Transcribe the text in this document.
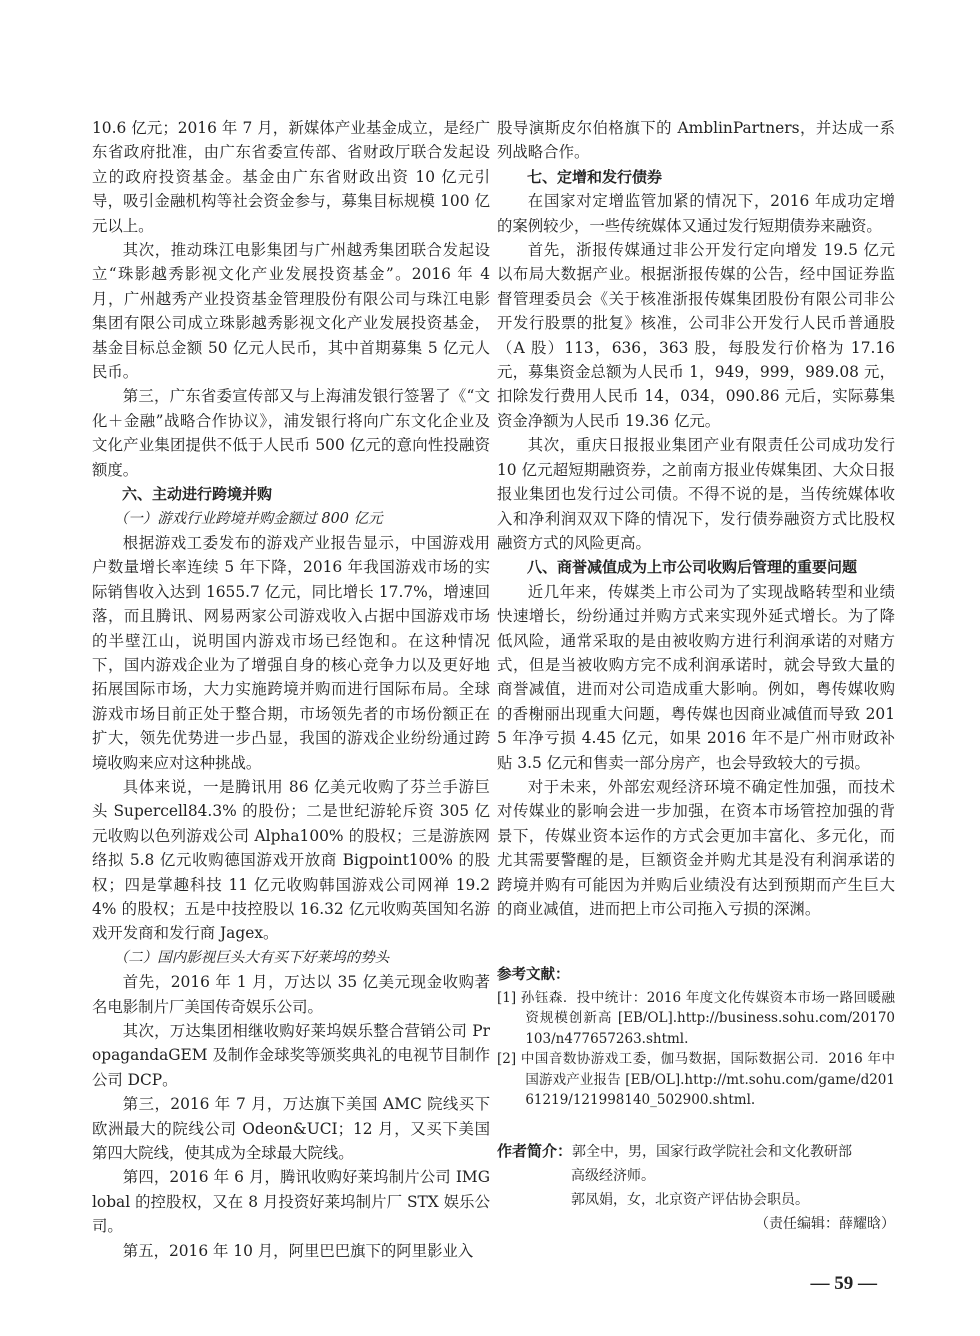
10.6 亿元；2016 年 7 月，新媒体产业基金成立，是经广东省政府批准，由广东省委宣传部、省财政厅联合发起设立的政府投资基金。基金由广东省财政出资 10 亿元引导，吸引金融机构等社会资金参与，募集目标规模 100 亿元以上。

其次，推动珠江电影集团与广州越秀集团联合发起设立“珠影越秀影视文化产业发展投资基金”。2016 年 4 月，广州越秀产业投资基金管理股份有限公司与珠江电影集团有限公司成立珠影越秀影视文化产业发展投资基金，基金目标总金额 50 亿元人民币，其中首期募集 5 亿元人民币。

第三，广东省委宣传部又与上海浦发银行签署了《“文化＋金融”战略合作协议》，浦发银行将向广东文化企业及文化产业集团提供不低于人民币 500 亿元的意向性投融资额度。

六、主动进行跨境并购
（一）游戏行业跨境并购金额过 800 亿元

根据游戏工委发布的游戏产业报告显示，中国游戏用户数量增长率连续 5 年下降，2016 年我国游戏市场的实际销售收入达到 1655.7 亿元，同比增长 17.7%，增速回落，而且腾讯、网易两家公司游戏收入占据中国游戏市场的半壁江山，说明国内游戏市场已经饱和。在这种情况下，国内游戏企业为了增强自身的核心竞争力以及更好地拓展国际市场，大力实施跨境并购而进行国际布局。全球游戏市场目前正处于整合期，市场领先者的市场份额正在扩大，领先优势进一步凸显，我国的游戏企业纷纷通过跨境收购来应对这种挑战。

具体来说，一是腾讯用 86 亿美元收购了芬兰手游巨头 Supercell84.3% 的股份；二是世纪游轮斥资 305 亿元收购以色列游戏公司 Alpha100% 的股权；三是游族网络拟 5.8 亿元收购德国游戏开放商 Bigpoint100% 的股权；四是掌趣科技 11 亿元收购韩国游戏公司网禅 19.24% 的股权；五是中技控股以 16.32 亿元收购英国知名游戏开发商和发行商 Jagex。

（二）国内影视巨头大有买下好莱坞的势头

首先，2016 年 1 月，万达以 35 亿美元现金收购著名电影制片厂美国传奇娱乐公司。

其次，万达集团相继收购好莱坞娱乐整合营销公司 PropagandaGEM 及制作金球奖等颁奖典礼的电视节目制作公司 DCP。

第三，2016 年 7 月，万达旗下美国 AMC 院线买下欧洲最大的院线公司 Odeon&UCI；12 月，又买下美国第四大院线，使其成为全球最大院线。

第四，2016 年 6 月，腾讯收购好莱坞制片公司 IMGlobal 的控股权，又在 8 月投资好莱坞制片厂 STX 娱乐公司。

第五，2016 年 10 月，阿里巴巴旗下的阿里影业入

股导演斯皮尔伯格旗下的 AmblinPartners，并达成一系列战略合作。

七、定增和发行债券

在国家对定增监管加紧的情况下，2016 年成功定增的案例较少，一些传统媒体又通过发行短期债券来融资。

首先，浙报传媒通过非公开发行定向增发 19.5 亿元以布局大数据产业。根据浙报传媒的公告，经中国证券监督管理委员会《关于核准浙报传媒集团股份有限公司非公开发行股票的批复》核准，公司非公开发行人民币普通股（A 股）113，636，363 股，每股发行价格为 17.16 元，募集资金总额为人民币 1，949，999，989.08 元，扣除发行费用人民币 14，034，090.86 元后，实际募集资金净额为人民币 19.36 亿元。

其次，重庆日报报业集团产业有限责任公司成功发行 10 亿元超短期融资券，之前南方报业传媒集团、大众日报报业集团也发行过公司债。不得不说的是，当传统媒体收入和净利润双双下降的情况下，发行债券融资方式比股权融资方式的风险更高。

八、商誉减值成为上市公司收购后管理的重要问题

近几年来，传媒类上市公司为了实现战略转型和业绩快速增长，纷纷通过并购方式来实现外延式增长。为了降低风险，通常采取的是由被收购方进行利润承诺的对赌方式，但是当被收购方完不成利润承诺时，就会导致大量的商誉减值，进而对公司造成重大影响。例如，粤传媒收购的香榭丽出现重大问题，粤传媒也因商业减值而导致 2015 年净亏损 4.45 亿元，如果 2016 年不是广州市财政补贴 3.5 亿元和售卖一部分房产，也会导致较大的亏损。

对于未来，外部宏观经济环境不确定性加强，而技术对传媒业的影响会进一步加强，在资本市场管控加强的背景下，传媒业资本运作的方式会更加丰富化、多元化，而尤其需要警醒的是，巨额资金并购尤其是没有利润承诺的跨境并购有可能因为并购后业绩没有达到预期而产生巨大的商业减值，进而把上市公司拖入亏损的深渊。

参考文献：
[1] 孙钰森．投中统计：2016 年度文化传媒资本市场一路回暖融资规模创新高 [EB/OL].http://business.sohu.com/20170103/n477657263.shtml.
[2] 中国音数协游戏工委，伽马数据，国际数据公司．2016 年中国游戏产业报告 [EB/OL].http://mt.sohu.com/game/d20161219/121998140_502900.shtml.
作者简介：郭全中，男，国家行政学院社会和文化教研部
高级经济师。
郭凤娟，女，北京资产评估协会职员。
（责任编辑：薛耀晗）
— 59 —
